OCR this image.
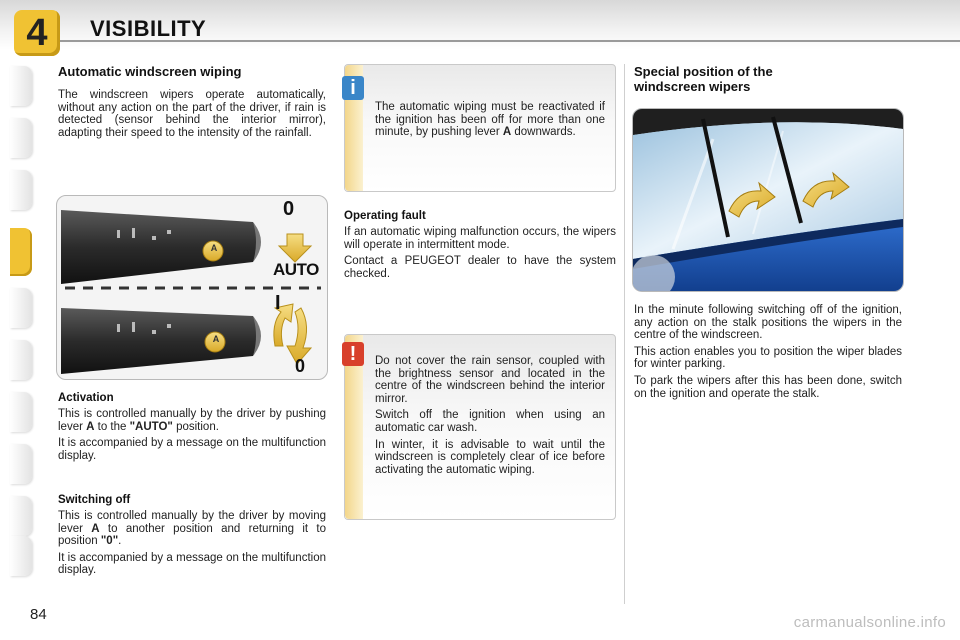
4 VISIBILITY
Automatic windscreen wiping

The windscreen wipers operate automatically, without any action on the part of the driver, if rain is detected (sensor behind the interior mirror), adapting their speed to the intensity of the rainfall.

A
A
0
AUTO
I
0
Activation

This is controlled manually by the driver by pushing lever A to the "AUTO" position.

It is accompanied by a message on the multifunction display.

Switching off

This is controlled manually by the driver by moving lever A to another position and returning it to position "0".

It is accompanied by a message on the multifunction display.

The automatic wiping must be reactivated if the ignition has been off for more than one minute, by pushing lever A downwards.

i
Operating fault

If an automatic wiping malfunction occurs, the wipers will operate in intermittent mode.

Contact a PEUGEOT dealer to have the system checked.

Do not cover the rain sensor, coupled with the brightness sensor and located in the centre of the windscreen behind the interior mirror.

Switch off the ignition when using an automatic car wash.

In winter, it is advisable to wait until the windscreen is completely clear of ice before activating the automatic wiping.

!
Special position of the
windscreen wipers

In the minute following switching off of the ignition, any action on the stalk positions the wipers in the centre of the windscreen.

This action enables you to position the wiper blades for winter parking.

To park the wipers after this has been done, switch on the ignition and operate the stalk.

84	carmanualsonline.info
